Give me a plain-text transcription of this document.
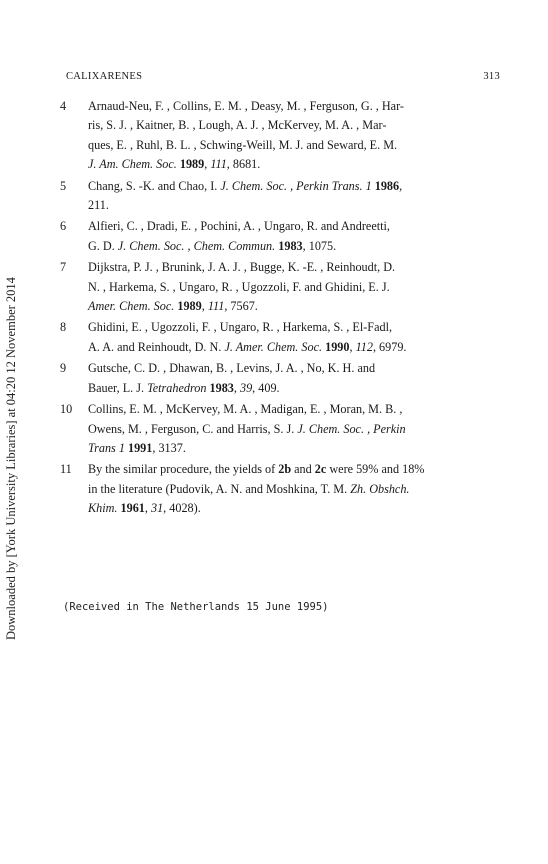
CALIXARENES	313
Downloaded by [York University Libraries] at 04:20 12 November 2014
4	Arnaud-Neu, F. , Collins, E. M. , Deasy, M. , Ferguson, G. , Har-
ris, S. J. , Kaitner, B. , Lough, A. J. , McKervey, M. A. , Mar-
ques, E. , Ruhl, B. L. , Schwing-Weill, M. J. and Seward, E. M.
J. Am. Chem. Soc. 1989, 111, 8681.
5	Chang, S. -K. and Chao, I. J. Chem. Soc. , Perkin Trans. 1 1986,
211.
6	Alfieri, C. , Dradi, E. , Pochini, A. , Ungaro, R. and Andreetti,
G. D. J. Chem. Soc. , Chem. Commun. 1983, 1075.
7	Dijkstra, P. J. , Brunink, J. A. J. , Bugge, K. -E. , Reinhoudt, D.
N. , Harkema, S. , Ungaro, R. , Ugozzoli, F. and Ghidini, E. J.
Amer. Chem. Soc. 1989, 111, 7567.
8	Ghidini, E. , Ugozzoli, F. , Ungaro, R. , Harkema, S. , El-Fadl,
A. A. and Reinhoudt, D. N. J. Amer. Chem. Soc. 1990, 112, 6979.
9	Gutsche, C. D. , Dhawan, B. , Levins, J. A. , No, K. H. and
Bauer, L. J. Tetrahedron 1983, 39, 409.
10	Collins, E. M. , McKervey, M. A. , Madigan, E. , Moran, M. B. ,
Owens, M. , Ferguson, C. and Harris, S. J. J. Chem. Soc. , Perkin
Trans 1 1991, 3137.
11	By the similar procedure, the yields of 2b and 2c were 59% and 18%
in the literature (Pudovik, A. N. and Moshkina, T. M. Zh. Obshch.
Khim. 1961, 31, 4028).
(Received in The Netherlands 15 June 1995)
